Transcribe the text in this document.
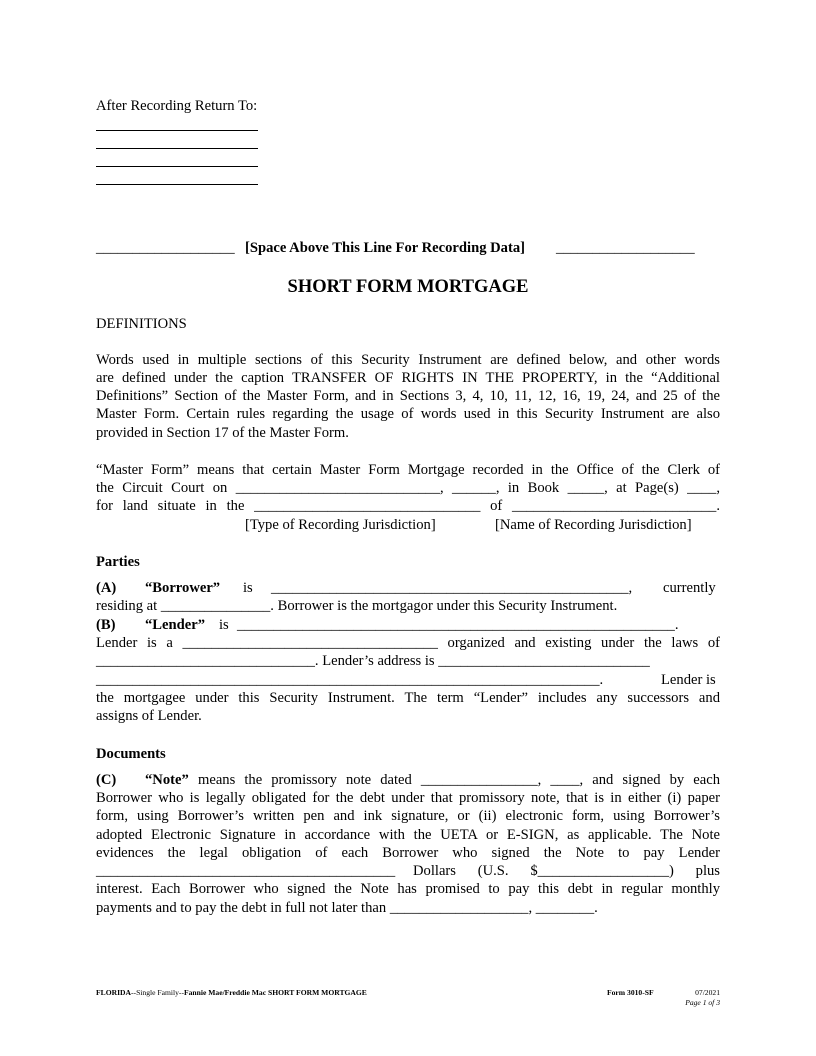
After Recording Return To:
___________________ [Space Above This Line For Recording Data] ___________________
SHORT FORM MORTGAGE
DEFINITIONS
Words used in multiple sections of this Security Instrument are defined below, and other words
are defined under the caption TRANSFER OF RIGHTS IN THE PROPERTY, in the “Additional
Definitions” Section of the Master Form, and in Sections 3, 4, 10, 11, 12, 16, 19, 24, and 25 of the
Master Form. Certain rules regarding the usage of words used in this Security Instrument are also
provided in Section 17 of the Master Form.
“Master Form” means that certain Master Form Mortgage recorded in the Office of the Clerk of
the Circuit Court on ____________________________, ______, in Book _____, at Page(s) ____,
for land situate in the _______________________________ of ____________________________.
[Type of Recording Jurisdiction]	[Name of Recording Jurisdiction]
Parties
(A) “Borrower” is _________________________________________________, currently
residing at _______________. Borrower is the mortgagor under this Security Instrument.
(B) “Lender” is ____________________________________________________________.
Lender is a ___________________________________ organized and existing under the laws of
______________________________. Lender’s address is _____________________________
_____________________________________________________________________.	Lender is
the mortgagee under this Security Instrument. The term “Lender” includes any successors and
assigns of Lender.
Documents
(C) “Note” means the promissory note dated ________________, ____, and signed by each
Borrower who is legally obligated for the debt under that promissory note, that is in either (i) paper
form, using Borrower’s written pen and ink signature, or (ii) electronic form, using Borrower’s
adopted Electronic Signature in accordance with the UETA or E-SIGN, as applicable. The Note
evidences the legal obligation of each Borrower who signed the Note to pay Lender
_________________________________________ Dollars (U.S. $__________________) plus
interest. Each Borrower who signed the Note has promised to pay this debt in regular monthly
payments and to pay the debt in full not later than ___________________, ________.
FLORIDA--Single Family--Fannie Mae/Freddie Mac SHORT FORM MORTGAGE	Form 3010-SF	07/2021
Page 1 of 3
